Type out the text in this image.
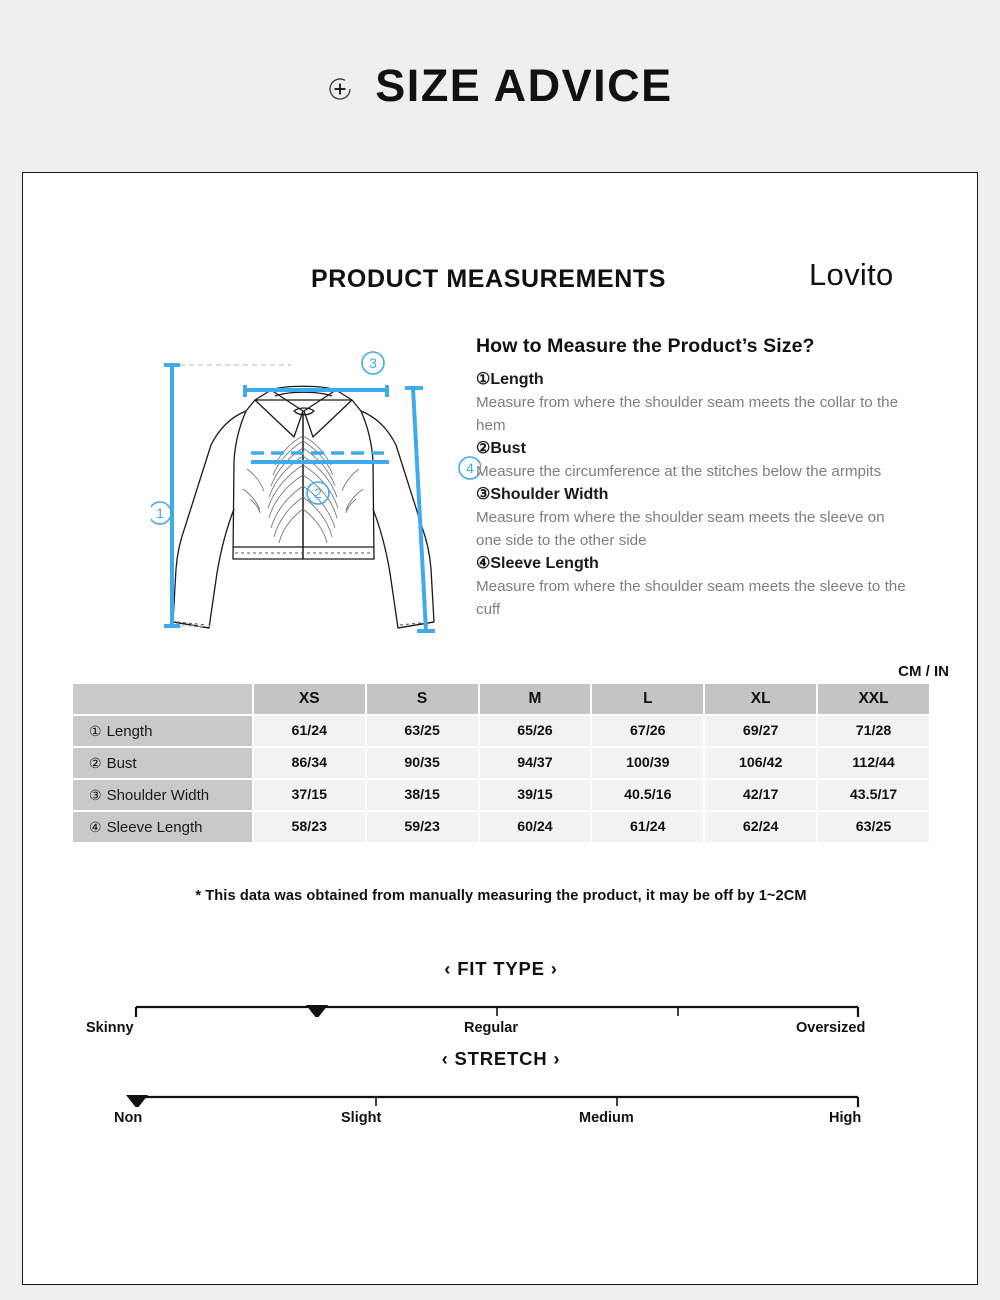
SIZE ADVICE
PRODUCT MEASUREMENTS	Lovito
1
3
4
2
How to Measure the Product’s Size?
①Length
Measure from where the shoulder seam meets the collar to the hem
②Bust
Measure the circumference at the stitches below the armpits
③Shoulder Width
Measure from where the shoulder seam meets the sleeve on one side to the other side
④Sleeve Length
Measure from where the shoulder seam meets the sleeve to the cuff
CM / IN
XS	S	M	L	XL	XXL
① Length	61/24	63/25	65/26	67/26	69/27	71/28
② Bust	86/34	90/35	94/37	100/39	106/42	112/44
③ Shoulder Width	37/15	38/15	39/15	40.5/16	42/17	43.5/17
④ Sleeve Length	58/23	59/23	60/24	61/24	62/24	63/25
* This data was obtained from manually measuring the product, it may be off by 1~2CM
‹ FIT TYPE ›
Skinny	Regular	Oversized
‹ STRETCH ›
Non	Slight	Medium	High
